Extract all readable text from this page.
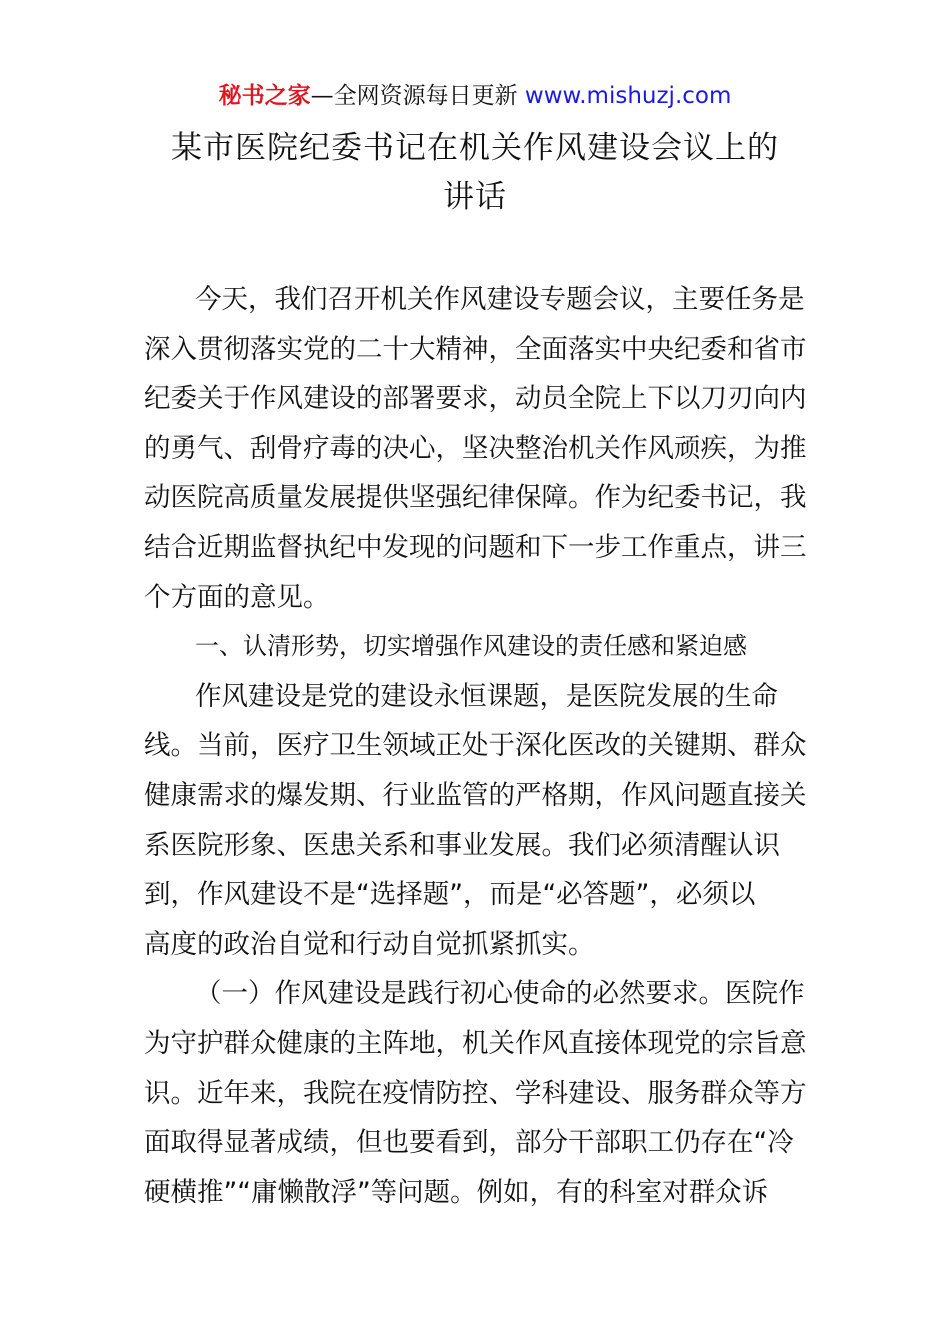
秘书之家—全网资源每日更新 www.mishuzj.com
某市医院纪委书记在机关作风建设会议上的
讲话
今天，我们召开机关作风建设专题会议，主要任务是
深入贯彻落实党的二十大精神，全面落实中央纪委和省市
纪委关于作风建设的部署要求，动员全院上下以刀刃向内
的勇气、刮骨疗毒的决心，坚决整治机关作风顽疾，为推
动医院高质量发展提供坚强纪律保障。作为纪委书记，我
结合近期监督执纪中发现的问题和下一步工作重点，讲三
个方面的意见。
一、认清形势，切实增强作风建设的责任感和紧迫感
作风建设是党的建设永恒课题，是医院发展的生命
线。当前，医疗卫生领域正处于深化医改的关键期、群众
健康需求的爆发期、行业监管的严格期，作风问题直接关
系医院形象、医患关系和事业发展。我们必须清醒认识
到，作风建设不是“选择题”，而是“必答题”，必须以
高度的政治自觉和行动自觉抓紧抓实。
（一）作风建设是践行初心使命的必然要求。医院作
为守护群众健康的主阵地，机关作风直接体现党的宗旨意
识。近年来，我院在疫情防控、学科建设、服务群众等方
面取得显著成绩，但也要看到，部分干部职工仍存在“冷
硬横推”“庸懒散浮”等问题。例如，有的科室对群众诉
